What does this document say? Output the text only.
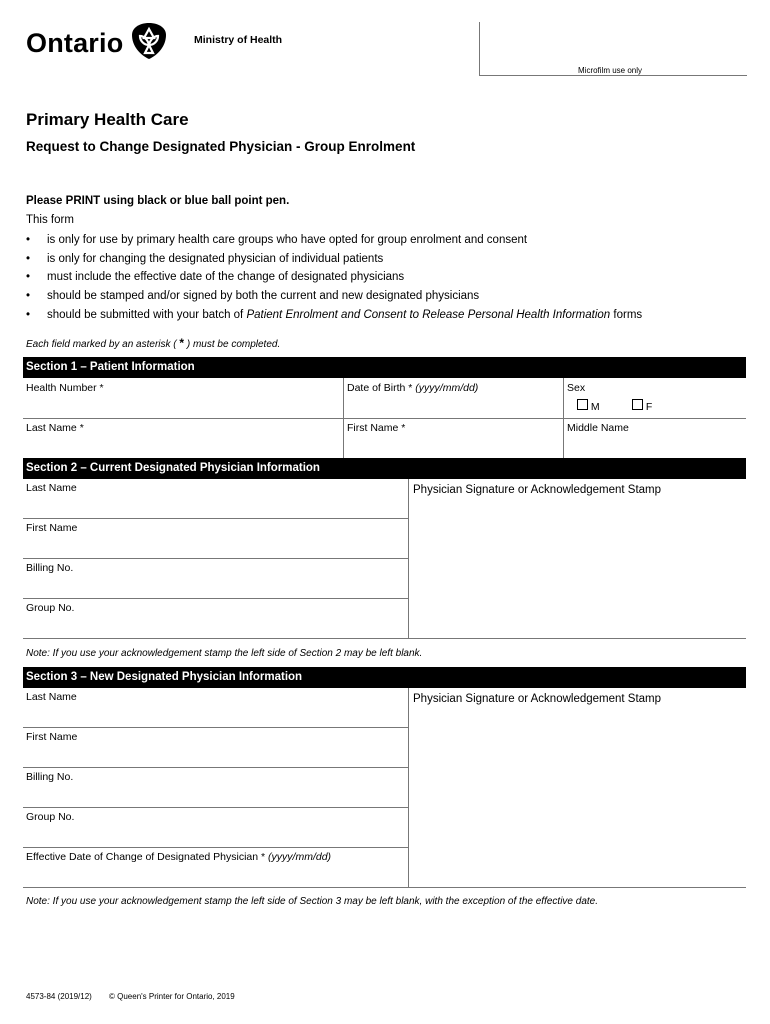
Ontario	Ministry of Health
Microfilm use only
Primary Health Care
Request to Change Designated Physician - Group Enrolment
Please PRINT using black or blue ball point pen.
This form
• is only for use by primary health care groups who have opted for group enrolment and consent
• is only for changing the designated physician of individual patients
• must include the effective date of the change of designated physicians
• should be stamped and/or signed by both the current and new designated physicians
• should be submitted with your batch of Patient Enrolment and Consent to Release Personal Health Information forms
Each field marked by an asterisk ( * ) must be completed.
Section 1 – Patient Information
Health Number *	Date of Birth * (yyyy/mm/dd)	Sex
M	F
Last Name *	First Name *	Middle Name
Section 2 – Current Designated Physician Information
Last Name
First Name
Billing No.
Group No.
Physician Signature or Acknowledgement Stamp
Note: If you use your acknowledgement stamp the left side of Section 2 may be left blank.
Section 3 – New Designated Physician Information
Last Name
First Name
Billing No.
Group No.
Effective Date of Change of Designated Physician * (yyyy/mm/dd)
Physician Signature or Acknowledgement Stamp
Note: If you use your acknowledgement stamp the left side of Section 3 may be left blank, with the exception of the effective date.
4573-84 (2019/12) © Queen's Printer for Ontario, 2019
